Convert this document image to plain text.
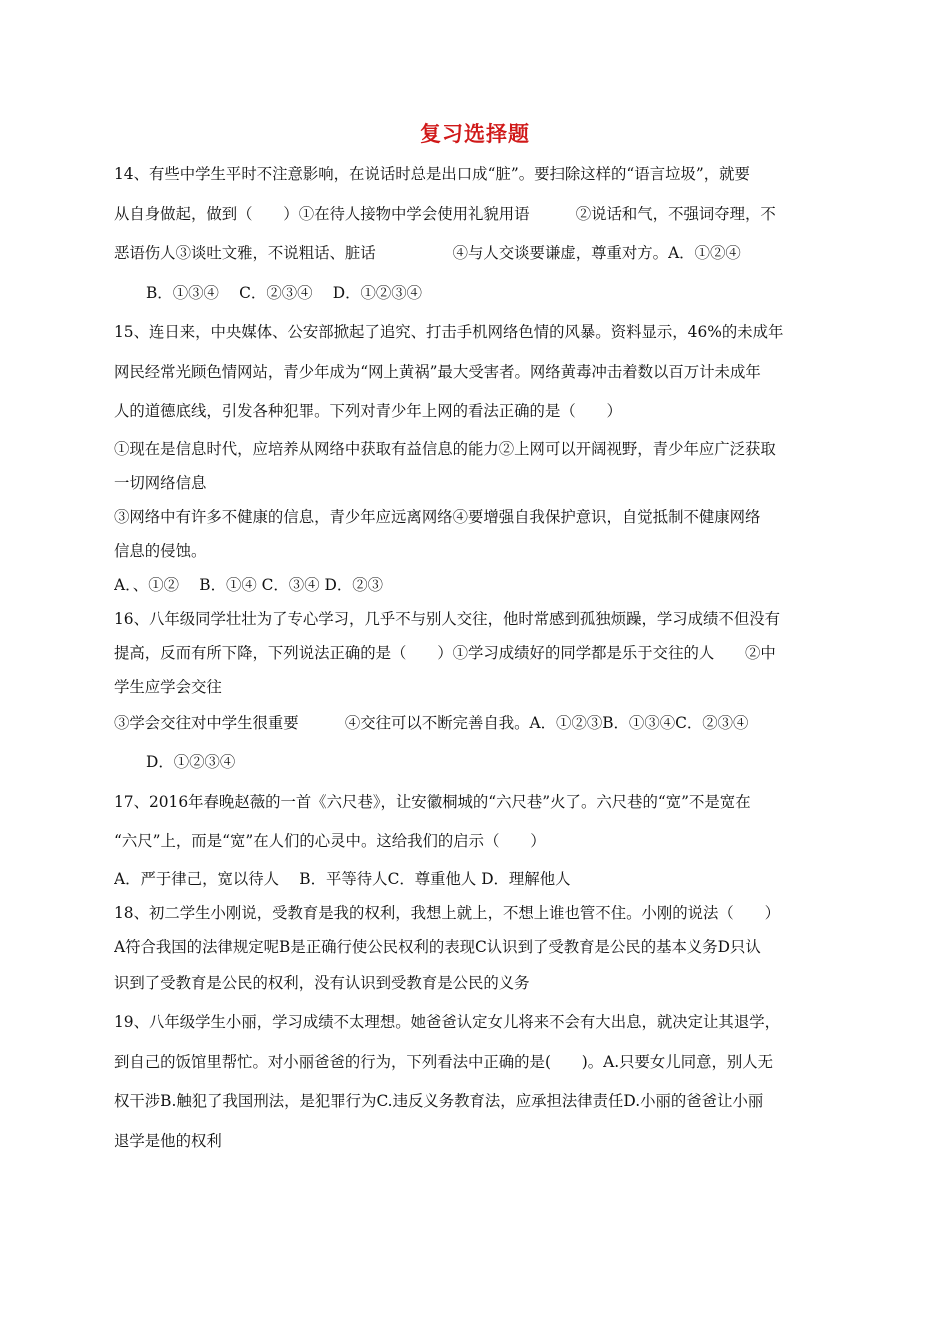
复习选择题
14、有些中学生平时不注意影响，在说话时总是出口成“脏”。要扫除这样的“语言垃圾”，就要
从自身做起，做到（　　）①在待人接物中学会使用礼貌用语　　　②说话和气，不强词夺理，不
恶语伤人③谈吐文雅，不说粗话、脏话　　　　　④与人交谈要谦虚，尊重对方。A．①②④
B．①③④　 C．②③④　 D．①②③④
15、连日来，中央媒体、公安部掀起了追究、打击手机网络色情的风暴。资料显示，46%的未成年
网民经常光顾色情网站，青少年成为“网上黄祸”最大受害者。网络黄毒冲击着数以百万计未成年
人的道德底线，引发各种犯罪。下列对青少年上网的看法正确的是（　　）
①现在是信息时代，应培养从网络中获取有益信息的能力②上网可以开阔视野，青少年应广泛获取
一切网络信息
③网络中有许多不健康的信息，青少年应远离网络④要增强自我保护意识，自觉抵制不健康网络
信息的侵蚀。
A．、①②　 B．①④ C．③④ D．②③
16、八年级同学壮壮为了专心学习，几乎不与别人交往，他时常感到孤独烦躁，学习成绩不但没有
提高，反而有所下降，下列说法正确的是（　　）①学习成绩好的同学都是乐于交往的人　　②中
学生应学会交往
③学会交往对中学生很重要　　　④交往可以不断完善自我。A．①②③B．①③④C．②③④
D．①②③④
17、2016年春晚赵薇的一首《六尺巷》，让安徽桐城的“六尺巷”火了。六尺巷的“宽”不是宽在
“六尺”上，而是“宽”在人们的心灵中。这给我们的启示（　　）
A．严于律己，宽以待人　 B．平等待人C．尊重他人 D．理解他人
18、初二学生小刚说，受教育是我的权利，我想上就上，不想上谁也管不住。小刚的说法（　　）
A符合我国的法律规定呢B是正确行使公民权利的表现C认识到了受教育是公民的基本义务D只认
识到了受教育是公民的权利，没有认识到受教育是公民的义务
19、八年级学生小丽，学习成绩不太理想。她爸爸认定女儿将来不会有大出息，就决定让其退学，
到自己的饭馆里帮忙。对小丽爸爸的行为，下列看法中正确的是(　　)。A.只要女儿同意，别人无
权干涉B.触犯了我国刑法，是犯罪行为C.违反义务教育法，应承担法律责任D.小丽的爸爸让小丽
退学是他的权利
